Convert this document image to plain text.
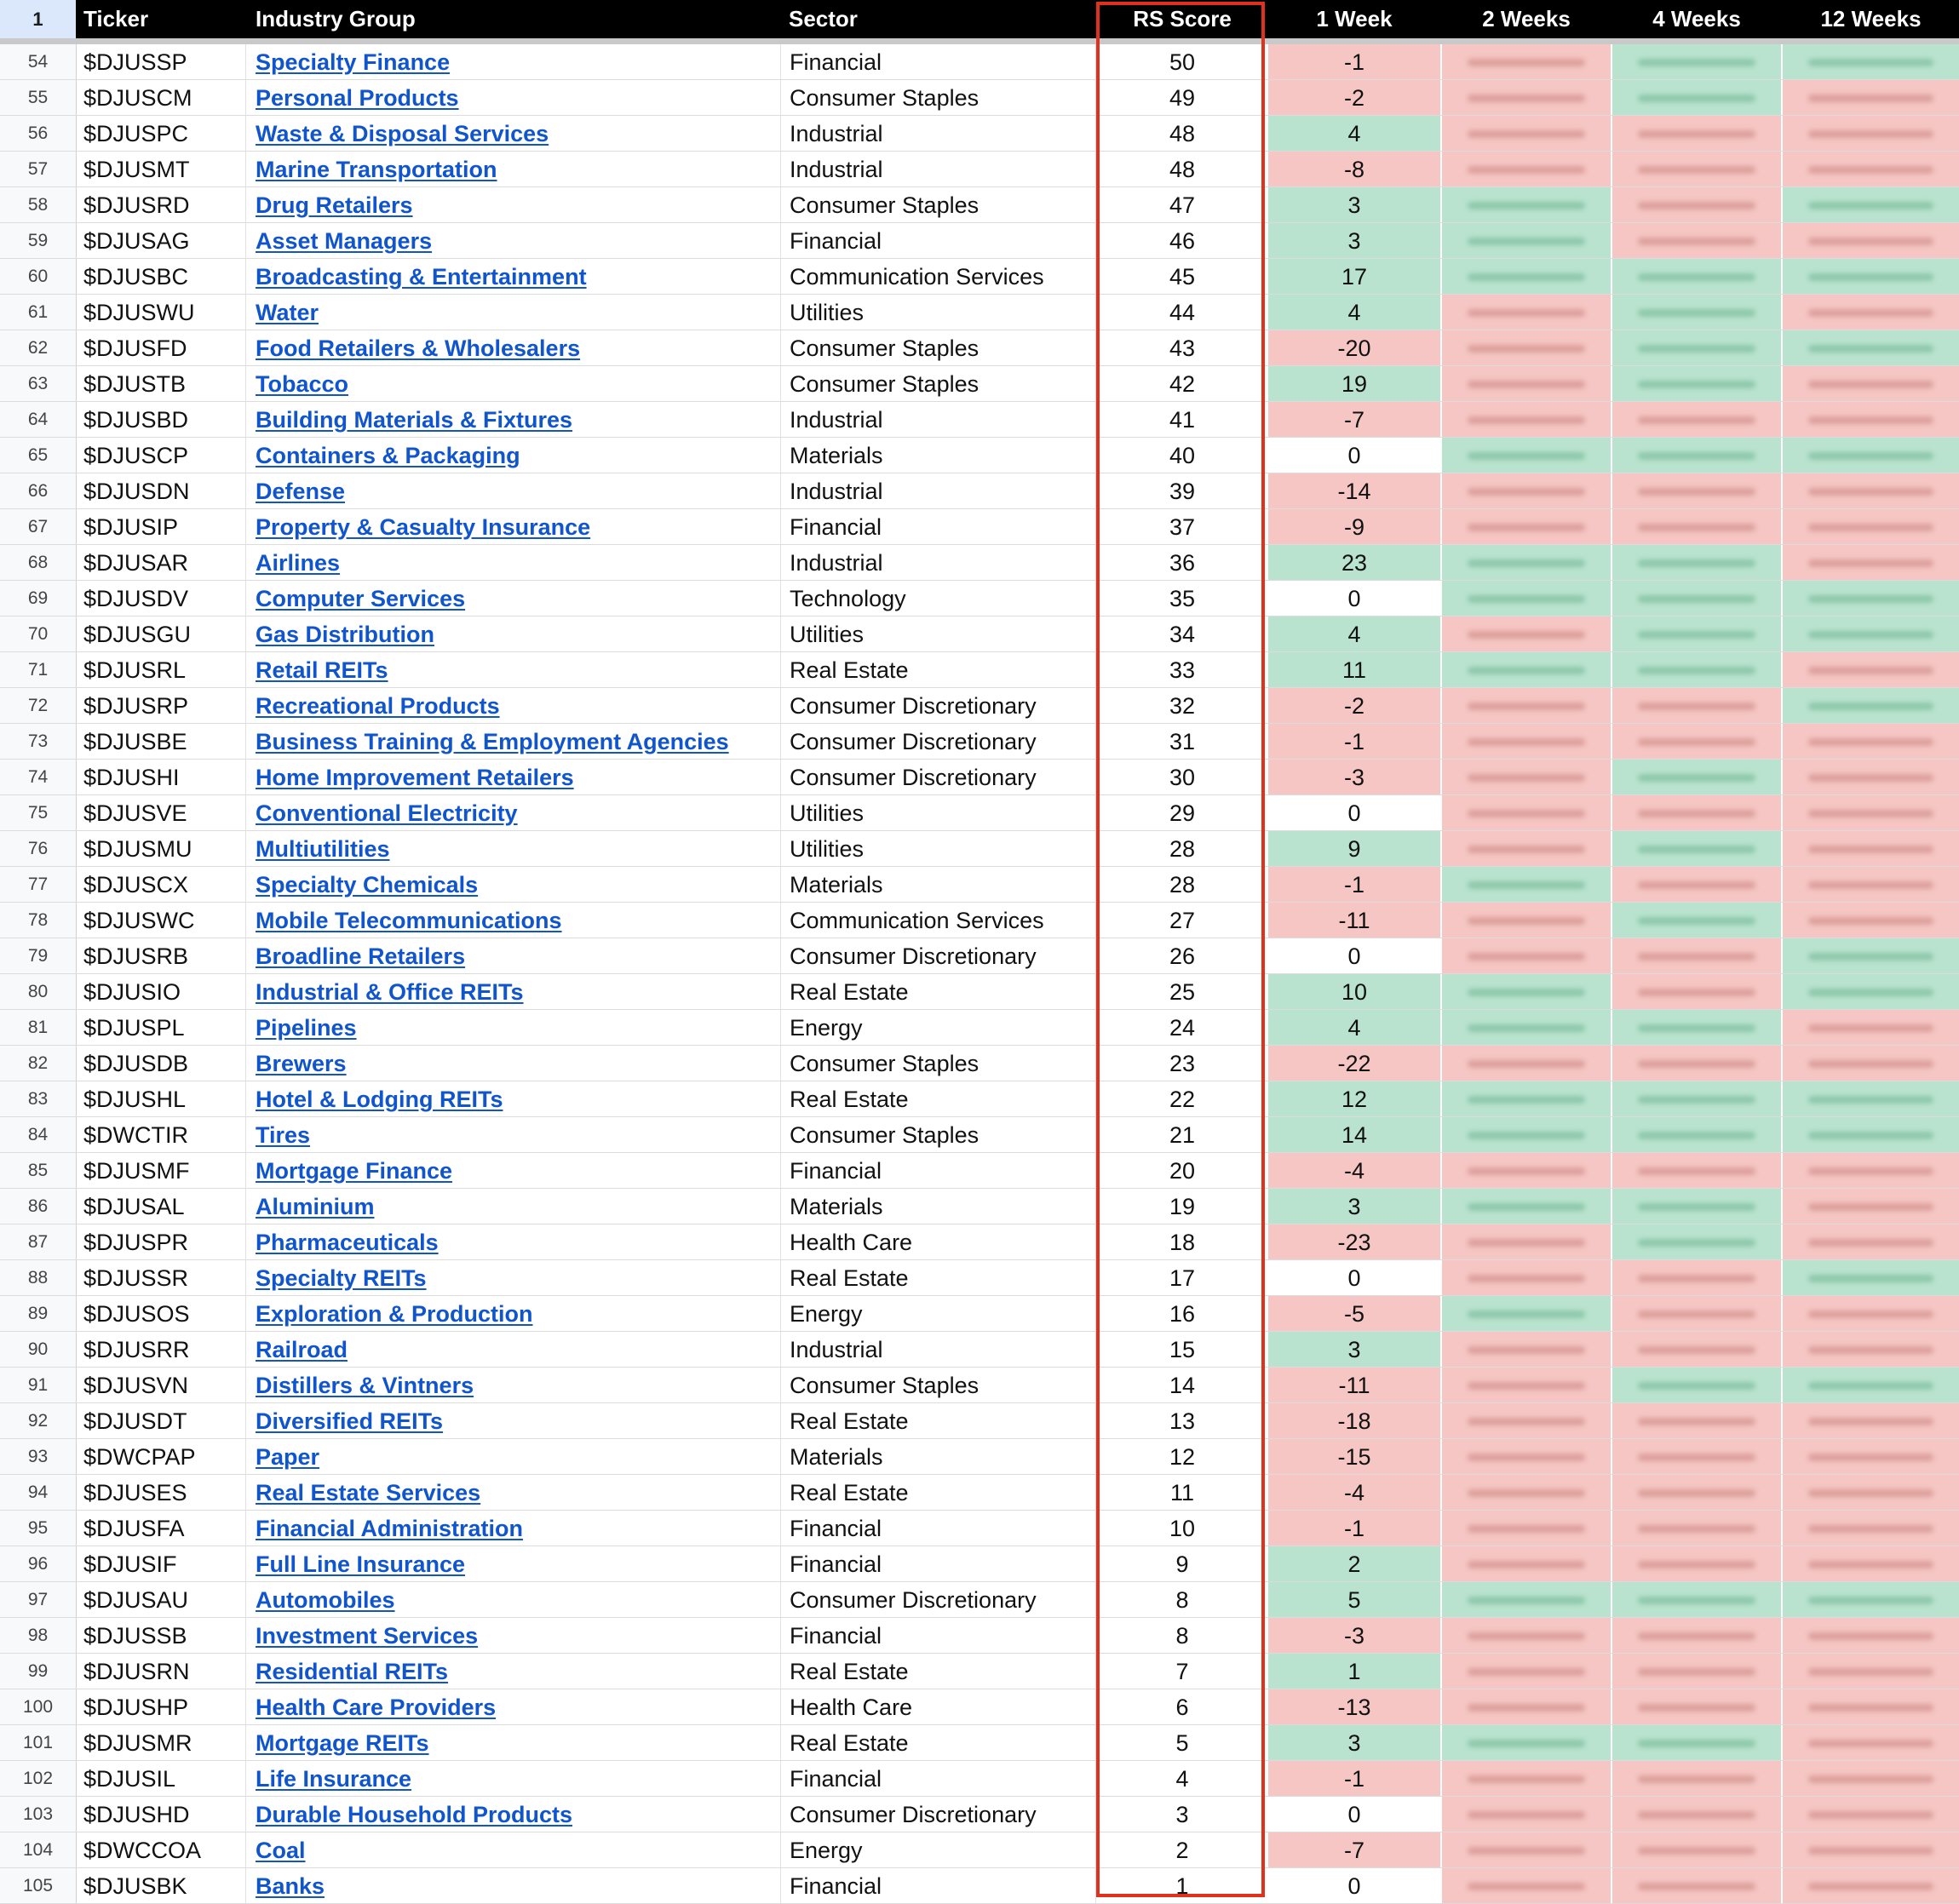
1	Ticker	Industry Group	Sector	RS Score	1 Week	2 Weeks	4 Weeks	12 Weeks
54	$DJUSSP	Specialty Finance	Financial	50	-1
55	$DJUSCM	Personal Products	Consumer Staples	49	-2
56	$DJUSPC	Waste & Disposal Services	Industrial	48	4
57	$DJUSMT	Marine Transportation	Industrial	48	-8
58	$DJUSRD	Drug Retailers	Consumer Staples	47	3
59	$DJUSAG	Asset Managers	Financial	46	3
60	$DJUSBC	Broadcasting & Entertainment	Communication Services	45	17
61	$DJUSWU	Water	Utilities	44	4
62	$DJUSFD	Food Retailers & Wholesalers	Consumer Staples	43	-20
63	$DJUSTB	Tobacco	Consumer Staples	42	19
64	$DJUSBD	Building Materials & Fixtures	Industrial	41	-7
65	$DJUSCP	Containers & Packaging	Materials	40	0
66	$DJUSDN	Defense	Industrial	39	-14
67	$DJUSIP	Property & Casualty Insurance	Financial	37	-9
68	$DJUSAR	Airlines	Industrial	36	23
69	$DJUSDV	Computer Services	Technology	35	0
70	$DJUSGU	Gas Distribution	Utilities	34	4
71	$DJUSRL	Retail REITs	Real Estate	33	11
72	$DJUSRP	Recreational Products	Consumer Discretionary	32	-2
73	$DJUSBE	Business Training & Employment Agencies	Consumer Discretionary	31	-1
74	$DJUSHI	Home Improvement Retailers	Consumer Discretionary	30	-3
75	$DJUSVE	Conventional Electricity	Utilities	29	0
76	$DJUSMU	Multiutilities	Utilities	28	9
77	$DJUSCX	Specialty Chemicals	Materials	28	-1
78	$DJUSWC	Mobile Telecommunications	Communication Services	27	-11
79	$DJUSRB	Broadline Retailers	Consumer Discretionary	26	0
80	$DJUSIO	Industrial & Office REITs	Real Estate	25	10
81	$DJUSPL	Pipelines	Energy	24	4
82	$DJUSDB	Brewers	Consumer Staples	23	-22
83	$DJUSHL	Hotel & Lodging REITs	Real Estate	22	12
84	$DWCTIR	Tires	Consumer Staples	21	14
85	$DJUSMF	Mortgage Finance	Financial	20	-4
86	$DJUSAL	Aluminium	Materials	19	3
87	$DJUSPR	Pharmaceuticals	Health Care	18	-23
88	$DJUSSR	Specialty REITs	Real Estate	17	0
89	$DJUSOS	Exploration & Production	Energy	16	-5
90	$DJUSRR	Railroad	Industrial	15	3
91	$DJUSVN	Distillers & Vintners	Consumer Staples	14	-11
92	$DJUSDT	Diversified REITs	Real Estate	13	-18
93	$DWCPAP	Paper	Materials	12	-15
94	$DJUSES	Real Estate Services	Real Estate	11	-4
95	$DJUSFA	Financial Administration	Financial	10	-1
96	$DJUSIF	Full Line Insurance	Financial	9	2
97	$DJUSAU	Automobiles	Consumer Discretionary	8	5
98	$DJUSSB	Investment Services	Financial	8	-3
99	$DJUSRN	Residential REITs	Real Estate	7	1
100	$DJUSHP	Health Care Providers	Health Care	6	-13
101	$DJUSMR	Mortgage REITs	Real Estate	5	3
102	$DJUSIL	Life Insurance	Financial	4	-1
103	$DJUSHD	Durable Household Products	Consumer Discretionary	3	0
104	$DWCCOA	Coal	Energy	2	-7
105	$DJUSBK	Banks	Financial	1	0
